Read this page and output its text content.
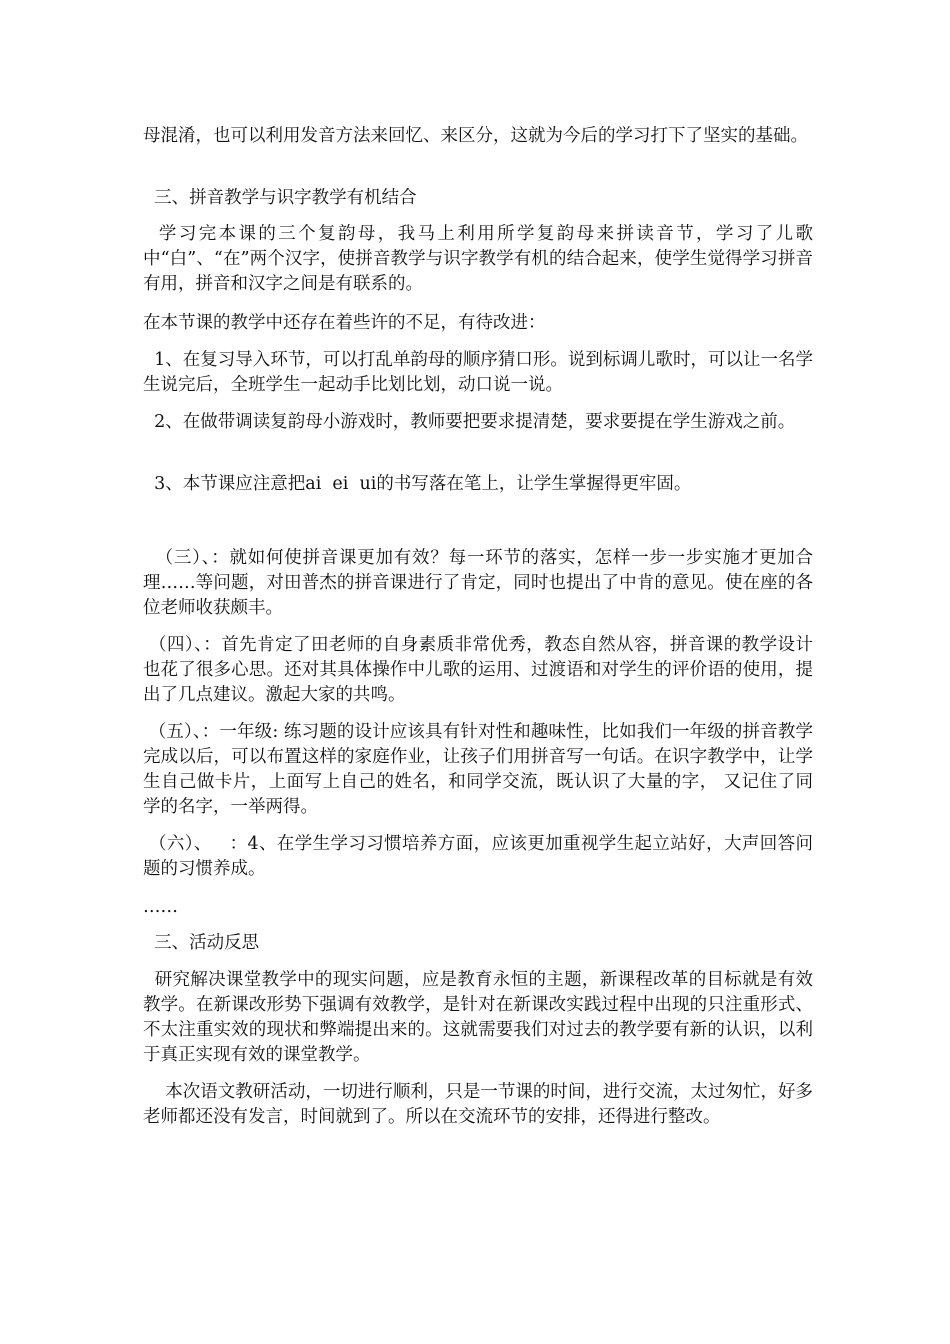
母混淆，也可以利用发音方法来回忆、来区分，这就为今后的学习打下了坚实的基础。

三、拼音教学与识字教学有机结合

学习完本课的三个复韵母，我马上利用所学复韵母来拼读音节，学习了儿歌中“白”、“在”两个汉字，使拼音教学与识字教学有机的结合起来，使学生觉得学习拼音有用，拼音和汉字之间是有联系的。

在本节课的教学中还存在着些许的不足，有待改进：

1、在复习导入环节，可以打乱单韵母的顺序猜口形。说到标调儿歌时，可以让一名学生说完后，全班学生一起动手比划比划，动口说一说。

2、在做带调读复韵母小游戏时，教师要把要求提清楚，要求要提在学生游戏之前。

3、本节课应注意把ai  ei  ui的书写落在笔上，让学生掌握得更牢固。

（三）、：就如何使拼音课更加有效？每一环节的落实，怎样一步一步实施才更加合理……等问题，对田普杰的拼音课进行了肯定，同时也提出了中肯的意见。使在座的各位老师收获颇丰。

（四）、：首先肯定了田老师的自身素质非常优秀，教态自然从容，拼音课的教学设计也花了很多心思。还对其具体操作中儿歌的运用、过渡语和对学生的评价语的使用，提出了几点建议。激起大家的共鸣。

（五）、：一年级: 练习题的设计应该具有针对性和趣味性，比如我们一年级的拼音教学完成以后，可以布置这样的家庭作业，让孩子们用拼音写一句话。在识字教学中，让学生自己做卡片，上面写上自己的姓名，和同学交流，既认识了大量的字， 又记住了同学的名字，一举两得。

（六）、   ：4、在学生学习习惯培养方面，应该更加重视学生起立站好，大声回答问题的习惯养成。

……

三、活动反思

研究解决课堂教学中的现实问题，应是教育永恒的主题，新课程改革的目标就是有效教学。在新课改形势下强调有效教学，是针对在新课改实践过程中出现的只注重形式、不太注重实效的现状和弊端提出来的。这就需要我们对过去的教学要有新的认识，以利于真正实现有效的课堂教学。

本次语文教研活动，一切进行顺利，只是一节课的时间，进行交流，太过匆忙，好多老师都还没有发言，时间就到了。所以在交流环节的安排，还得进行整改。
